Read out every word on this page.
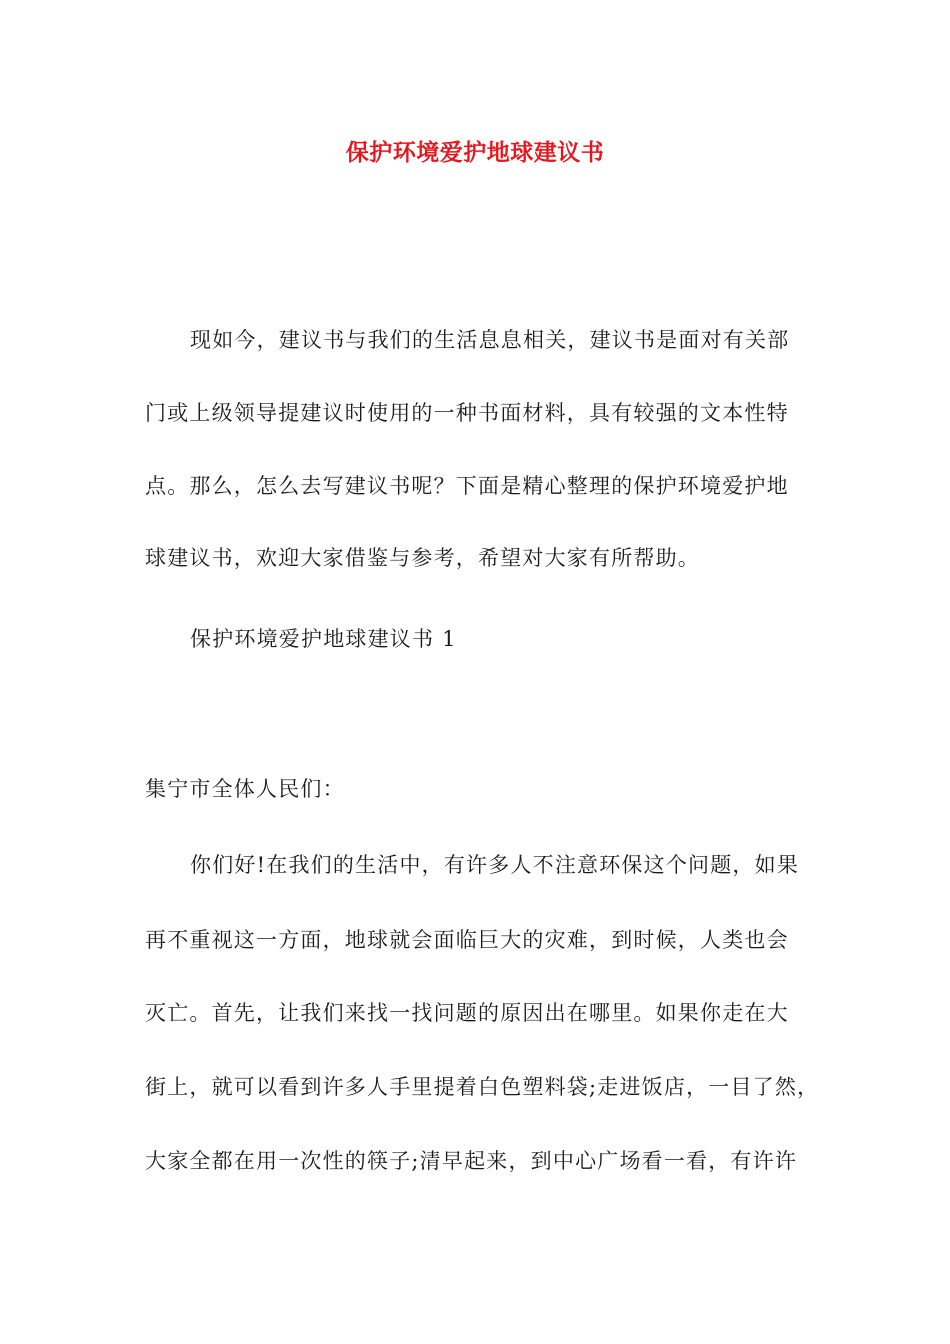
保护环境爱护地球建议书
现如今，建议书与我们的生活息息相关，建议书是面对有关部
门或上级领导提建议时使用的一种书面材料，具有较强的文本性特
点。那么，怎么去写建议书呢？下面是精心整理的保护环境爱护地
球建议书，欢迎大家借鉴与参考，希望对大家有所帮助。
保护环境爱护地球建议书 1
集宁市全体人民们：
你们好!在我们的生活中，有许多人不注意环保这个问题，如果
再不重视这一方面，地球就会面临巨大的灾难，到时候，人类也会
灭亡。首先，让我们来找一找问题的原因出在哪里。如果你走在大
街上，就可以看到许多人手里提着白色塑料袋;走进饭店，一目了然，
大家全都在用一次性的筷子;清早起来，到中心广场看一看，有许许
